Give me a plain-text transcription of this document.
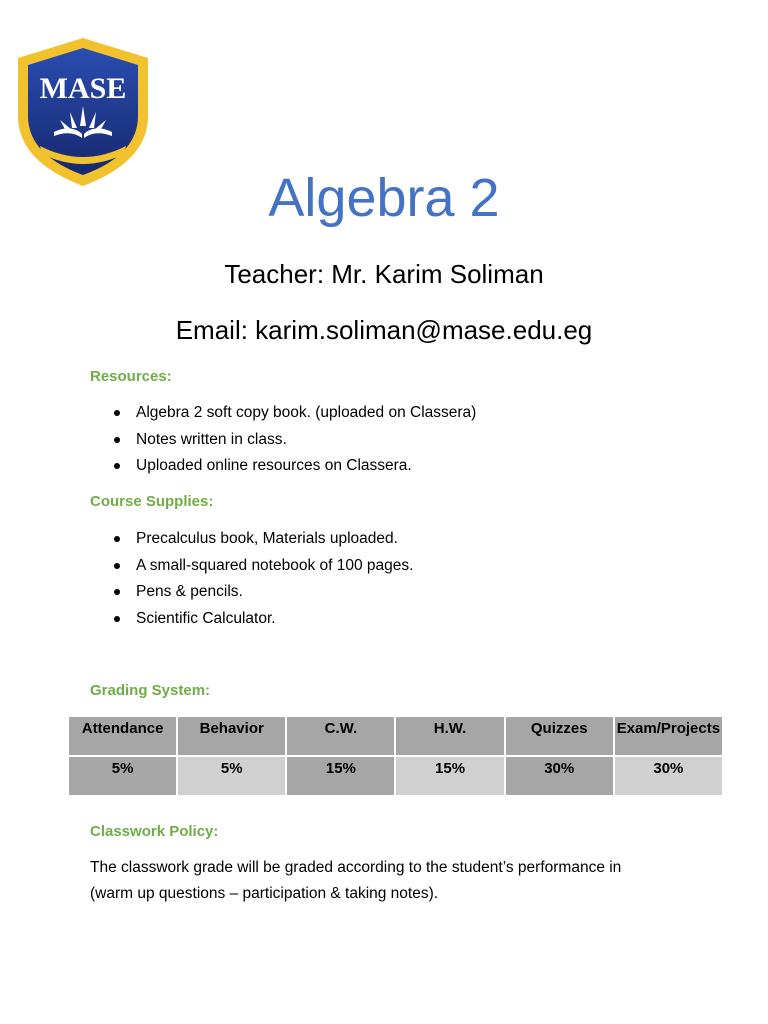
MASE
Algebra 2
Teacher: Mr. Karim Soliman
Email: karim.soliman@mase.edu.eg
Resources:
Algebra 2 soft copy book. (uploaded on Classera)
Notes written in class.
Uploaded online resources on Classera.
Course Supplies:
Precalculus book, Materials uploaded.
A small-squared notebook of 100 pages.
Pens & pencils.
Scientific Calculator.
Grading System:
Attendance	Behavior	C.W.	H.W.	Quizzes	Exam/Projects
5%	5%	15%	15%	30%	30%
Classwork Policy:
The classwork grade will be graded according to the student’s performance in
(warm up questions – participation & taking notes).
